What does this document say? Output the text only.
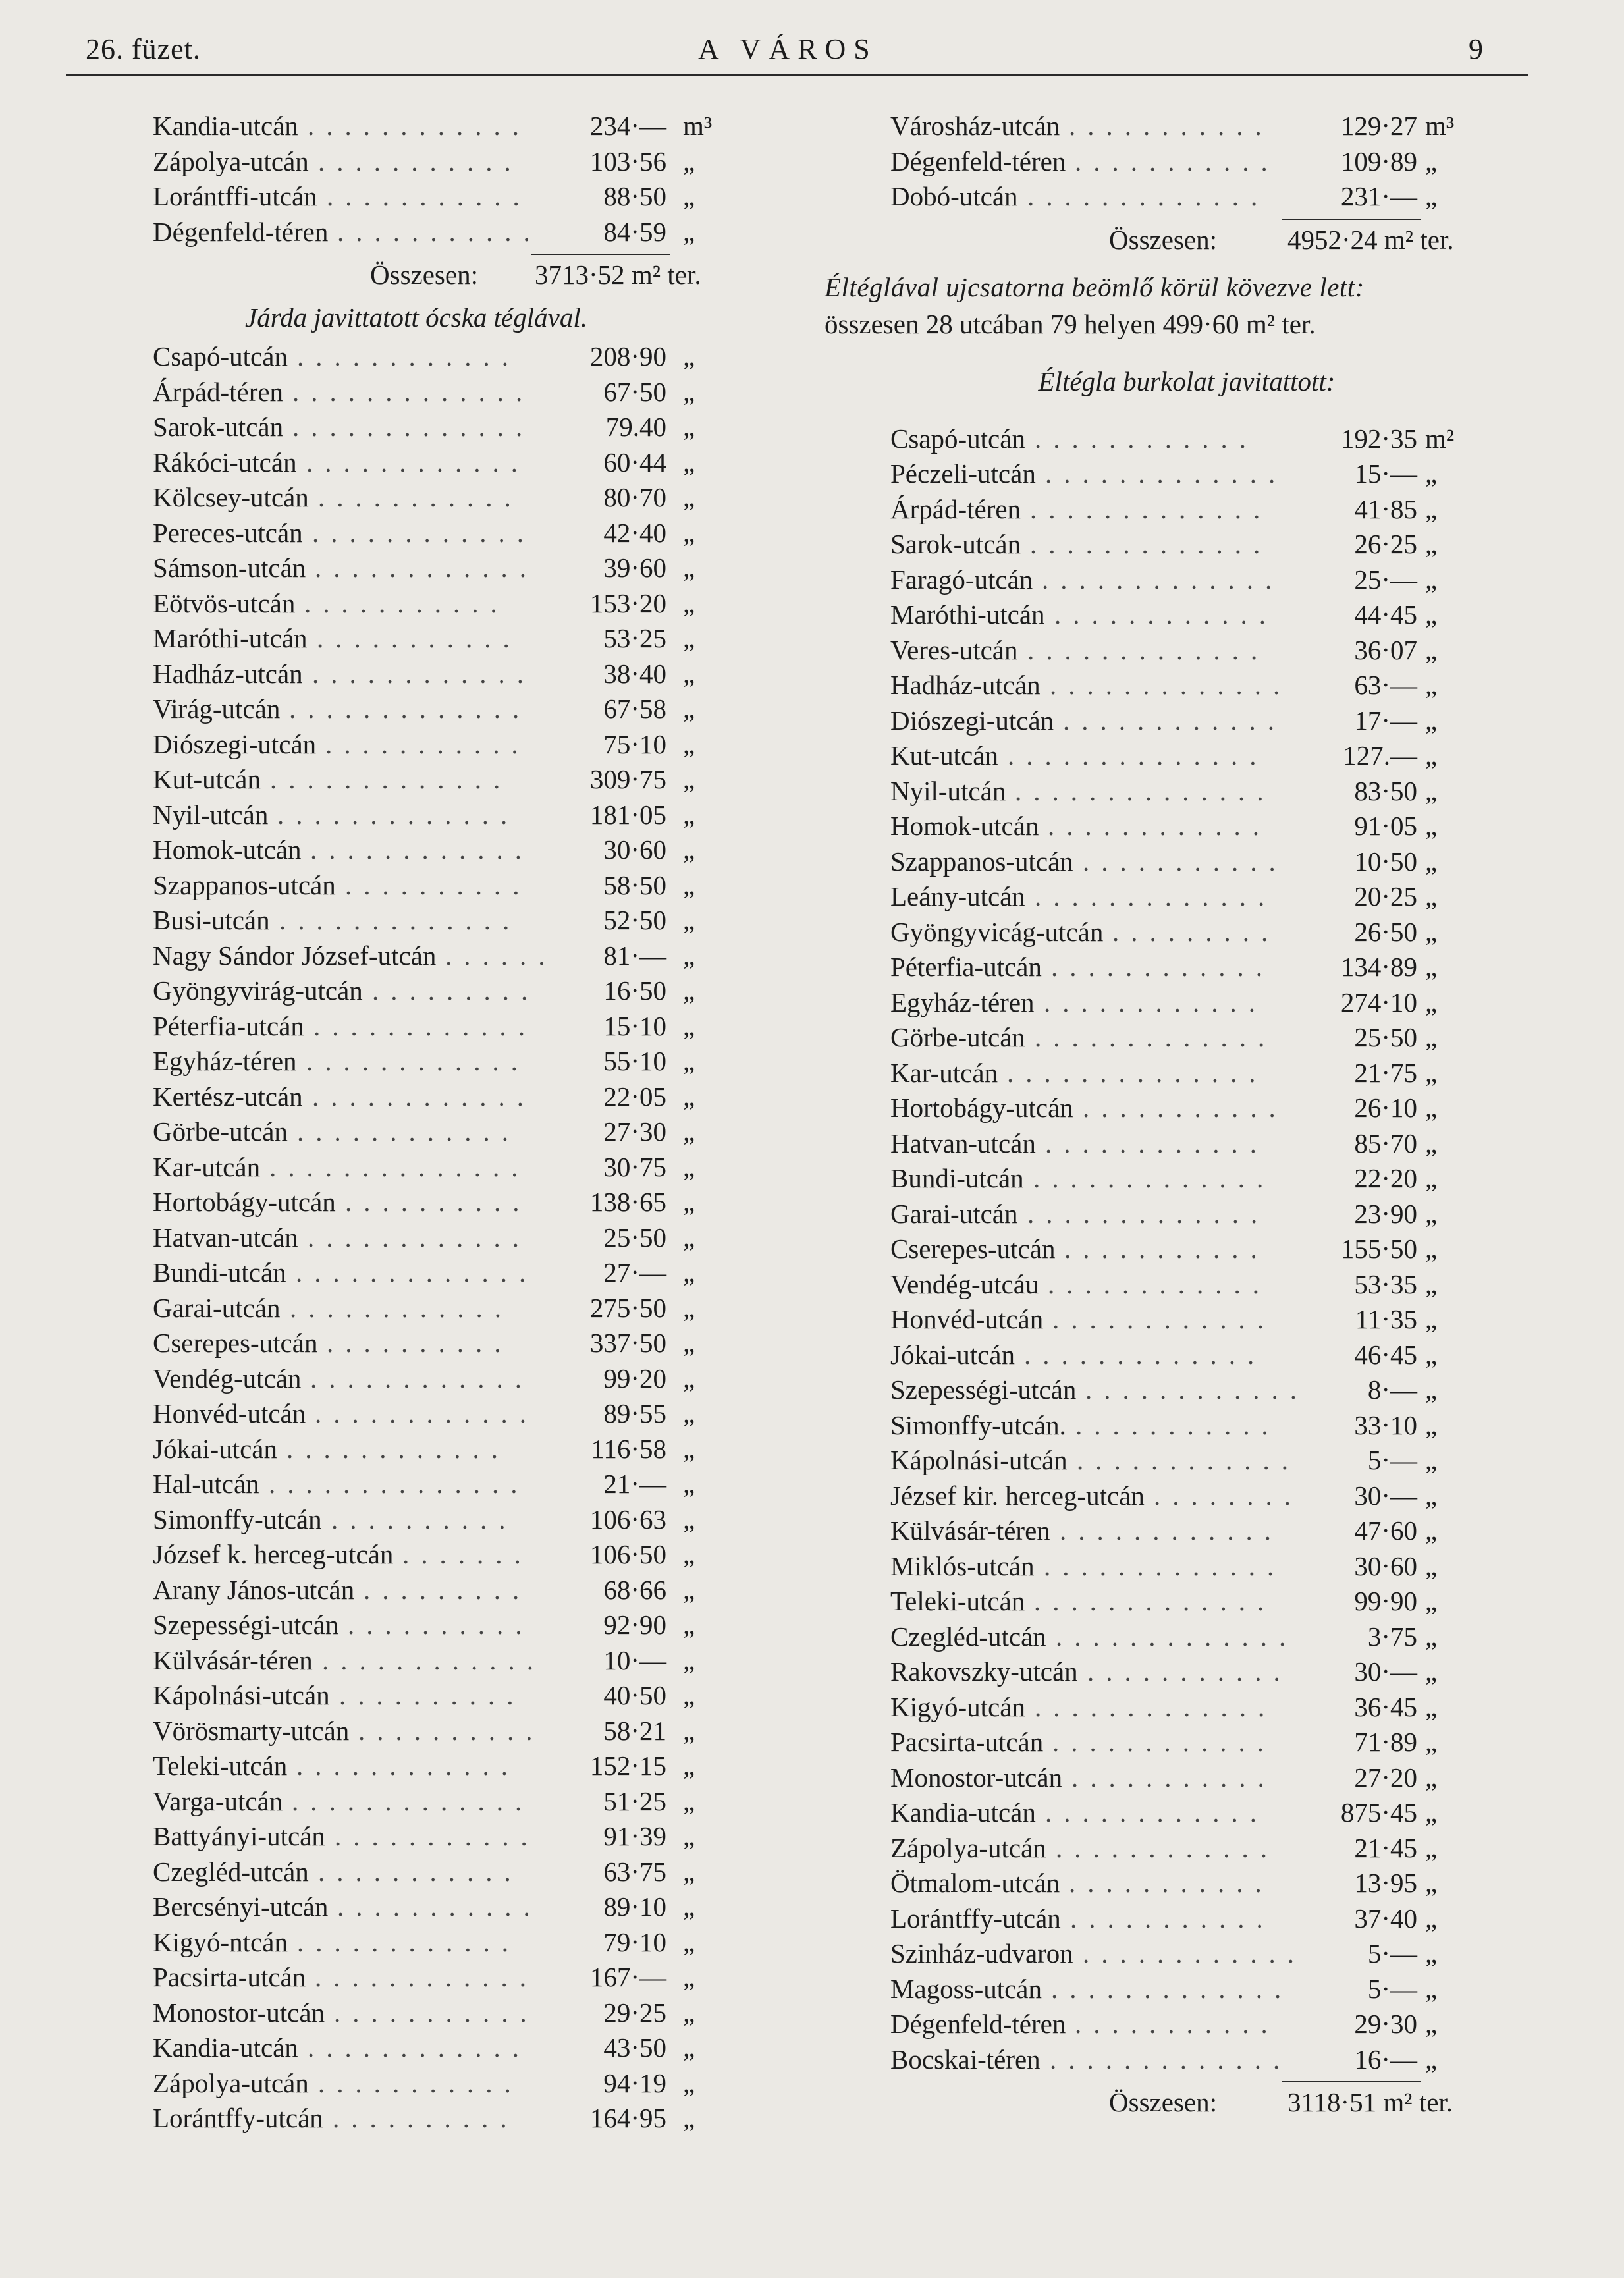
26. füzet.	A VÁROS	9
Kandia-utcán ............	234·— m³
Zápolya-utcán ...........	103·56 „
Lorántffi-utcán ...........	88·50 „
Dégenfeld-téren ...........	84·59 „
Összesen: 3713·52 m² ter.
Járda javittatott ócska téglával.
Csapó-utcán ............	208·90 „
Árpád-téren .............	67·50 „
Sarok-utcán .............	79.40 „
Rákóci-utcán ............	60·44 „
Kölcsey-utcán ...........	80·70 „
Pereces-utcán ............	42·40 „
Sámson-utcán ............	39·60 „
Eötvös-utcán ...........	153·20 „
Maróthi-utcán ...........	53·25 „
Hadház-utcán ............	38·40 „
Virág-utcán .............	67·58 „
Diószegi-utcán ...........	75·10 „
Kut-utcán .............	309·75 „
Nyil-utcán .............	181·05 „
Homok-utcán ............	30·60 „
Szappanos-utcán ..........	58·50 „
Busi-utcán .............	52·50 „
Nagy Sándor József-utcán ......	81·— „
Gyöngyvirág-utcán .........	16·50 „
Péterfia-utcán ............	15·10 „
Egyház-téren ............	55·10 „
Kertész-utcán ............	22·05 „
Görbe-utcán ............	27·30 „
Kar-utcán ..............	30·75 „
Hortobágy-utcán ..........	138·65 „
Hatvan-utcán ............	25·50 „
Bundi-utcán .............	27·— „
Garai-utcán ............	275·50 „
Cserepes-utcán ..........	337·50 „
Vendég-utcán ............	99·20 „
Honvéd-utcán ............	89·55 „
Jókai-utcán ............	116·58 „
Hal-utcán ..............	21·— „
Simonffy-utcán ..........	106·63 „
József k. herceg-utcán .......	106·50 „
Arany János-utcán .........	68·66 „
Szepességi-utcán ..........	92·90 „
Külvásár-téren ............	10·— „
Kápolnási-utcán ..........	40·50 „
Vörösmarty-utcán ..........	58·21 „
Teleki-utcán ............	152·15 „
Varga-utcán .............	51·25 „
Battyányi-utcán ...........	91·39 „
Czegléd-utcán ...........	63·75 „
Bercsényi-utcán ...........	89·10 „
Kigyó-ntcán ............	79·10 „
Pacsirta-utcán ............	167·— „
Monostor-utcán ...........	29·25 „
Kandia-utcán ............	43·50 „
Zápolya-utcán ...........	94·19 „
Lorántffy-utcán ..........	164·95 „
Városház-utcán ...........	129·27 m³
Dégenfeld-téren ...........	109·89 „
Dobó-utcán .............	231·— „
Összesen:	4952·24 m² ter.
Éltéglával ujcsatorna beömlő körül kövezve lett:
összesen 28 utcában 79 helyen 499·60 m² ter.
Éltégla burkolat javitattott:
Csapó-utcán ............	192·35 m²
Péczeli-utcán .............	15·— „
Árpád-téren .............	41·85 „
Sarok-utcán .............	26·25 „
Faragó-utcán .............	25·— „
Maróthi-utcán ............	44·45 „
Veres-utcán .............	36·07 „
Hadház-utcán .............	63·— „
Diószegi-utcán ............	17·— „
Kut-utcán ..............	127.— „
Nyil-utcán ..............	83·50 „
Homok-utcán ............	91·05 „
Szappanos-utcán ...........	10·50 „
Leány-utcán .............	20·25 „
Gyöngyvicág-utcán .........	26·50 „
Péterfia-utcán ............	134·89 „
Egyház-téren ............	274·10 „
Görbe-utcán .............	25·50 „
Kar-utcán ..............	21·75 „
Hortobágy-utcán ...........	26·10 „
Hatvan-utcán ............	85·70 „
Bundi-utcán .............	22·20 „
Garai-utcán .............	23·90 „
Cserepes-utcán ...........	155·50 „
Vendég-utcáu ............	53·35 „
Honvéd-utcán ............	11·35 „
Jókai-utcán .............	46·45 „
Szepességi-utcán ............	8·— „
Simonffy-utcán. ...........	33·10 „
Kápolnási-utcán ............	5·— „
Jézsef kir. herceg-utcán ........	30·— „
Külvásár-téren ............	47·60 „
Miklós-utcán .............	30·60 „
Teleki-utcán .............	99·90 „
Czegléd-utcán .............	3·75 „
Rakovszky-utcán ...........	30·— „
Kigyó-utcán .............	36·45 „
Pacsirta-utcán ............	71·89 „
Monostor-utcán ...........	27·20 „
Kandia-utcán ............	875·45 „
Zápolya-utcán ............	21·45 „
Ötmalom-utcán ...........	13·95 „
Lorántffy-utcán ...........	37·40 „
Szinház-udvaron ............	5·— „
Magoss-utcán .............	5·— „
Dégenfeld-téren ...........	29·30 „
Bocskai-téren .............	16·— „
Összesen:	3118·51 m² ter.
